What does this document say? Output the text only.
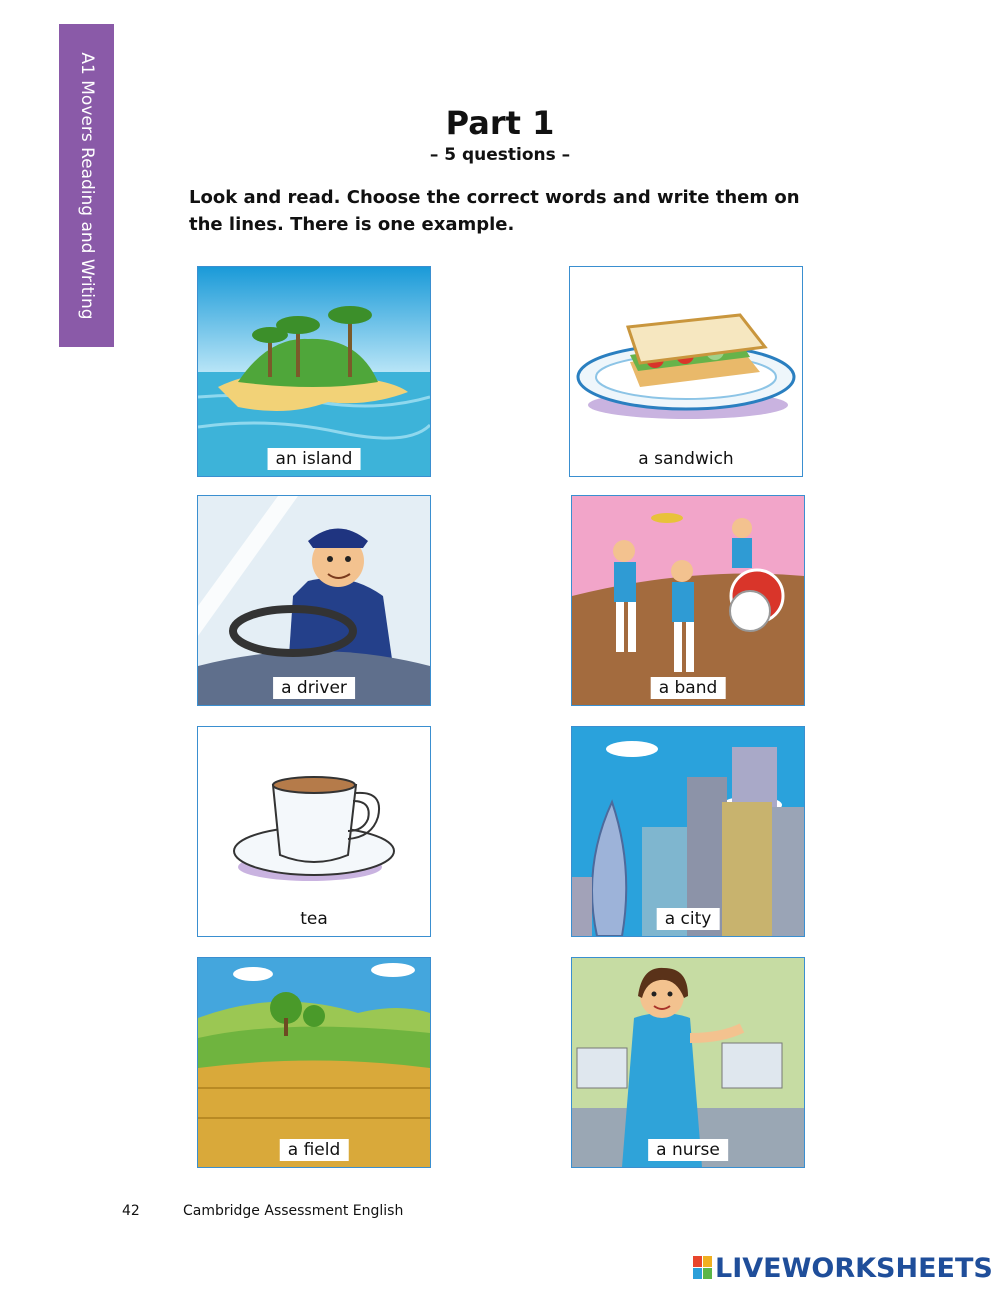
A1 Movers Reading and Writing	Part 1
– 5 questions –
Look and read. Choose the correct words and write them on the lines. There is one example.
an island	a sandwich
a driver	a band
tea	a city
a field	a nurse
42	Cambridge Assessment English
LIVEWORKSHEETS
